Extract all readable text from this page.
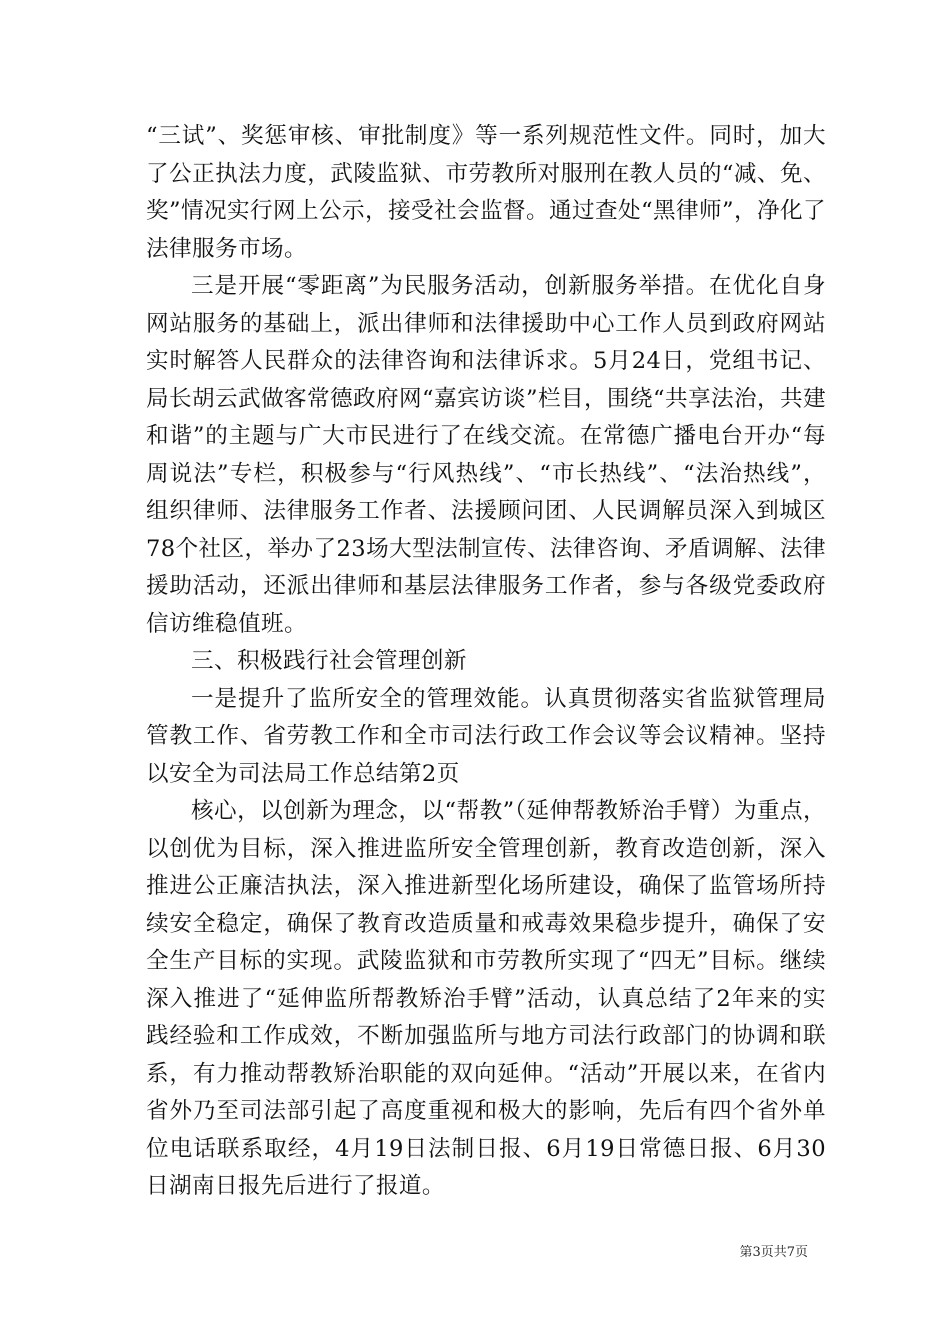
“三试”、奖惩审核、审批制度》等一系列规范性文件。同时，加大了公正执法力度，武陵监狱、市劳教所对服刑在教人员的“减、免、奖”情况实行网上公示，接受社会监督。通过查处“黑律师”，净化了法律服务市场。

三是开展“零距离”为民服务活动，创新服务举措。在优化自身网站服务的基础上，派出律师和法律援助中心工作人员到政府网站实时解答人民群众的法律咨询和法律诉求。5月24日，党组书记、局长胡云武做客常德政府网“嘉宾访谈”栏目，围绕“共享法治，共建和谐”的主题与广大市民进行了在线交流。在常德广播电台开办“每周说法”专栏，积极参与“行风热线”、“市长热线”、“法治热线”，组织律师、法律服务工作者、法援顾问团、人民调解员深入到城区78个社区，举办了23场大型法制宣传、法律咨询、矛盾调解、法律援助活动，还派出律师和基层法律服务工作者，参与各级党委政府信访维稳值班。

三、积极践行社会管理创新

一是提升了监所安全的管理效能。认真贯彻落实省监狱管理局管教工作、省劳教工作和全市司法行政工作会议等会议精神。坚持以安全为司法局工作总结第2页

核心，以创新为理念，以“帮教”（延伸帮教矫治手臂）为重点，以创优为目标，深入推进监所安全管理创新，教育改造创新，深入推进公正廉洁执法，深入推进新型化场所建设，确保了监管场所持续安全稳定，确保了教育改造质量和戒毒效果稳步提升，确保了安全生产目标的实现。武陵监狱和市劳教所实现了“四无”目标。继续深入推进了“延伸监所帮教矫治手臂”活动，认真总结了2年来的实践经验和工作成效，不断加强监所与地方司法行政部门的协调和联系，有力推动帮教矫治职能的双向延伸。“活动”开展以来，在省内省外乃至司法部引起了高度重视和极大的影响，先后有四个省外单位电话联系取经，4月19日法制日报、6月19日常德日报、6月30日湖南日报先后进行了报道。

第3页共7页
